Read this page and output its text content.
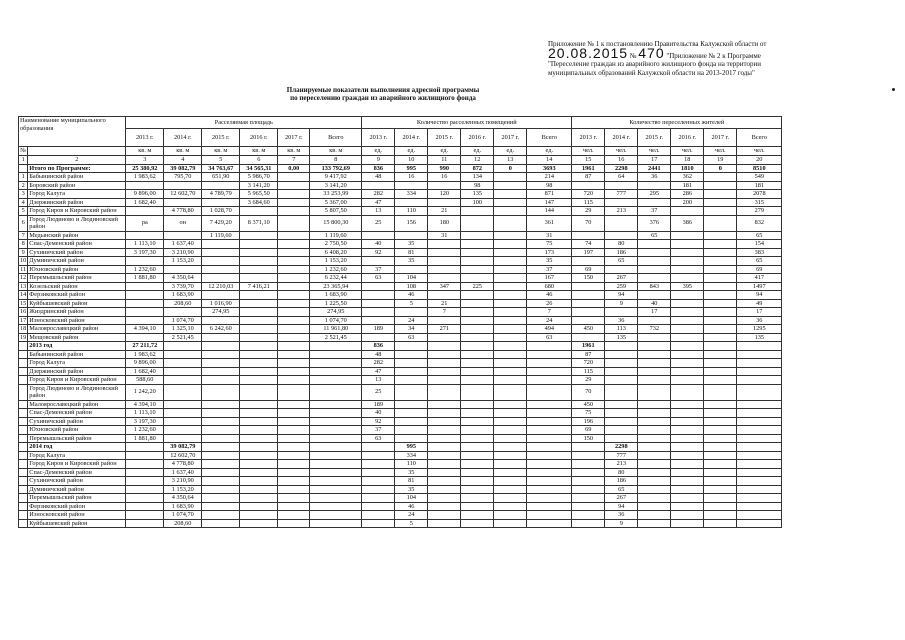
Приложение № 1 к постановлению Правительства Калужской области от
20.08.2015 № 470 "Приложение № 2 к Программе
"Переселение граждан из аварийного жилищного фонда на территории
муниципальных образований Калужской области на 2013-2017 годы"
Планируемые показатели выполнения адресной программы
по переселению граждан из аварийного жилищного фонда
Наименование муниципального образования		Расселяемая площадь						Количество расселенных помещений						Количество переселенных жителей					
		2013 г.	2014 г.	2015 г.	2016 г.	2017 г.	Всего	2013 г.	2014 г.	2015 г.	2016 г.	2017 г.	Всего	2013 г.	2014 г.	2015 г.	2016 г.	2017 г.	Всего
№		кв. м	кв. м	кв. м	кв. м	кв. м	кв. м	ед.	ед.	ед.	ед.	ед.	ед.	чел.	чел.	чел.	чел.	чел.	чел.
1	2	3	4	5	6	7	8	9	10	11	12	13	14	15	16	17	18	19	20
	Итого по Программе:	25 380,92	39 082,79	34 763,67	34 565,31	0,00	133 792,69	836	995	990	872	0	3693	1961	2298	2441	1810	0	8510
1	Бабынинский район	1 983,62	795,70	651,90	5 986,70		9 417,92	48	16	16	134		214	87	64	36	362		549
2	Боровский район				3 141,20		3 141,20				98		98				181		181
3	Город Калуга	9 896,00	12 602,70	4 789,79	5 965,50		33 253,99	282	334	120	135		871	720	777	295	286		2078
4	Дзержинский район	1 682,40			3 684,60		5 367,00	47			100		147	115			200		315
5	Город Киров и Кировский район		4 778,80	1 028,70			5 807,50	13	110	21			144	29	213	37			279
6	Город Людиново и Людиновский район	ра	он	7 429,20	8 371,10		15 800,30	25	156	180			361	70		376	386		832
7	Медынский район			1 119,60			1 119,60			31			31			65			65
8	Спас-Деменский район	1 113,10	1 637,40				2 750,50	40	35				75	74	80				154
9	Сухиничский район	3 197,30	3 210,90				6 408,20	92	81				173	197	186				383
10	Думиничский район		1 153,20				1 153,20		35				35		65				65
11	Юхновский район	1 232,60					1 232,60	37					37	69					69
12	Перемышльский район	1 881,80	4 350,64				6 232,44	63	104				167	150	267				417
13	Козельский район		3 739,70	12 210,03	7 416,21		23 365,94		108	347	225		680		259	843	395		1497
14	Ферзиковский район		1 683,90				1 683,90		46				46		94				94
15	Куйбышевский район		208,60	1 016,90			1 225,50		5	21			26		9	40			49
16	Жиздринский район			274,95			274,95			7			7			17			17
17	Износковский район		1 074,70				1 074,70		24				24		36				36
18	Малоярославецкий район	4 394,10	1 325,10	6 242,60			11 961,80	189	34	271			494	450	113	732			1295
19	Мещовский район		2 521,45				2 521,45		63				63		135				135
	2013 год	27 211,72						836						1961					
	Бабынинский район	1 983,62						48						87					
	Город Калуга	9 896,00						282						720					
	Дзержинский район	1 682,40						47						115					
	Город Киров и Кировский район	588,60						13						29					
	Город Людиново и Людиновский район	1 242,20						25						70					
	Малоярославецкий район	4 394,10						189						450					
	Спас-Деменский район	1 113,10						40						75					
	Сухиничский район	3 197,30						92						196					
	Юхновский район	1 232,60						37						69					
	Перемышльский район	1 881,80						63						150					
	2014 год		39 082,79						995						2298				
	Город Калуга		12 602,70						334						777				
	Город Киров и Кировский район		4 778,80						110						213				
	Спас-Деменский район		1 637,40						35						80				
	Сухиничский район		3 210,90						81						186				
	Думиничский район		1 153,20						35						65				
	Перемышльский район		4 350,64						104						267				
	Ферзиковский район		1 683,90						46						94				
	Износковский район		1 074,70						24						36				
	Куйбышевский район		208,60						5						9				
